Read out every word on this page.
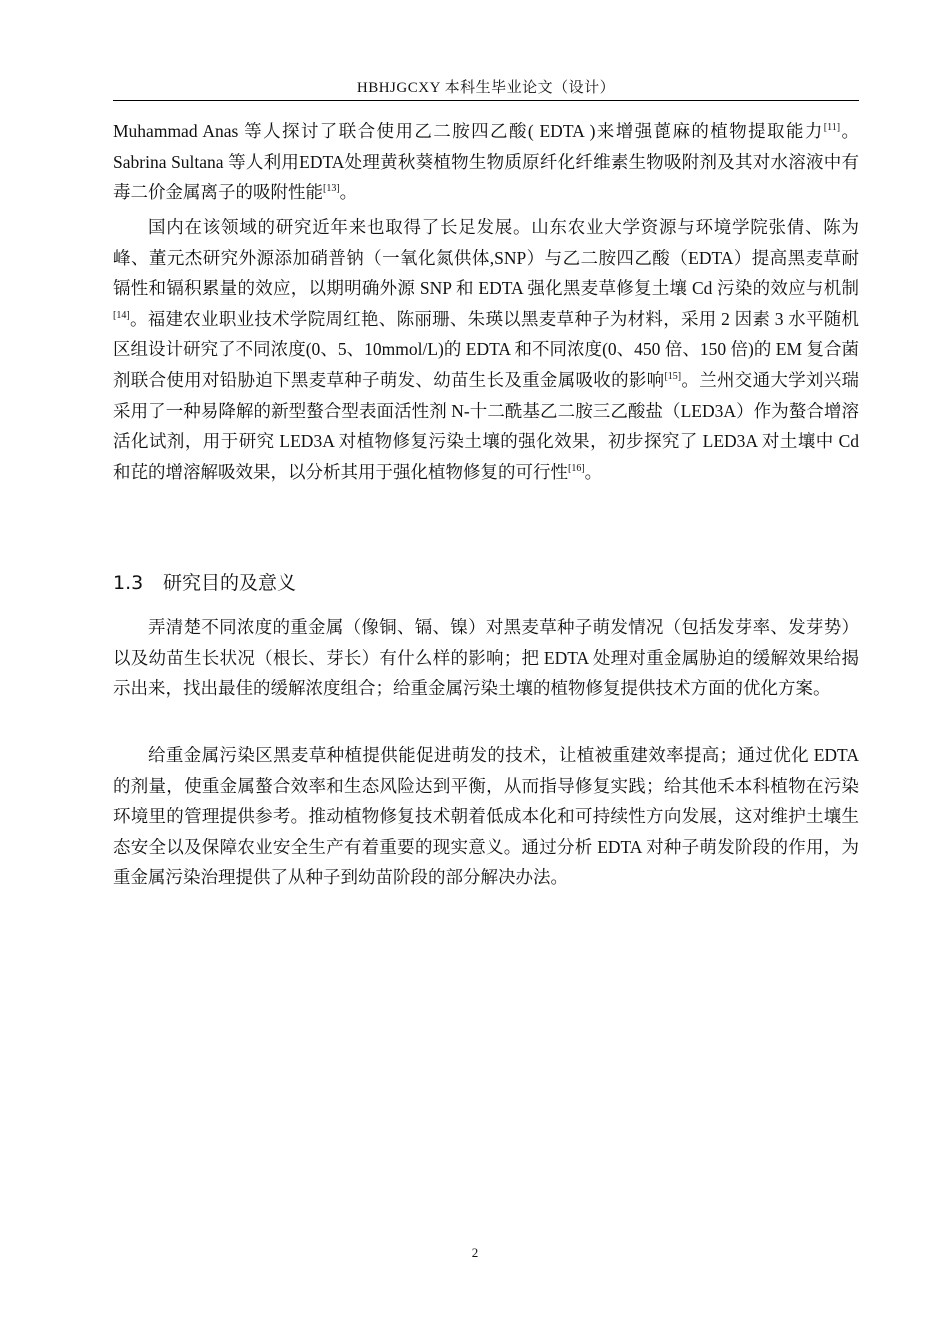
HBHJGCXY 本科生毕业论文（设计）

Muhammad Anas 等人探讨了联合使用乙二胺四乙酸( EDTA )来增强蓖麻的植物提取能力[11]。Sabrina Sultana 等人利用EDTA处理黄秋葵植物生物质原纤化纤维素生物吸附剂及其对水溶液中有毒二价金属离子的吸附性能[13]。

国内在该领域的研究近年来也取得了长足发展。山东农业大学资源与环境学院张倩、陈为峰、董元杰研究外源添加硝普钠（一氧化氮供体,SNP）与乙二胺四乙酸（EDTA）提高黑麦草耐镉性和镉积累量的效应，以期明确外源 SNP 和 EDTA 强化黑麦草修复土壤 Cd 污染的效应与机制[14]。福建农业职业技术学院周红艳、陈丽珊、朱瑛以黑麦草种子为材料，采用 2 因素 3 水平随机区组设计研究了不同浓度(0、5、10mmol/L)的 EDTA 和不同浓度(0、450 倍、150 倍)的 EM 复合菌剂联合使用对铅胁迫下黑麦草种子萌发、幼苗生长及重金属吸收的影响[15]。兰州交通大学刘兴瑞采用了一种易降解的新型螯合型表面活性剂 N-十二酰基乙二胺三乙酸盐（LED3A）作为螯合增溶活化试剂，用于研究 LED3A 对植物修复污染土壤的强化效果，初步探究了 LED3A 对土壤中 Cd 和芘的增溶解吸效果，以分析其用于强化植物修复的可行性[16]。

1.3 研究目的及意义

弄清楚不同浓度的重金属（像铜、镉、镍）对黑麦草种子萌发情况（包括发芽率、发芽势）以及幼苗生长状况（根长、芽长）有什么样的影响；把 EDTA 处理对重金属胁迫的缓解效果给揭示出来，找出最佳的缓解浓度组合；给重金属污染土壤的植物修复提供技术方面的优化方案。

给重金属污染区黑麦草种植提供能促进萌发的技术，让植被重建效率提高；通过优化 EDTA 的剂量，使重金属螯合效率和生态风险达到平衡，从而指导修复实践；给其他禾本科植物在污染环境里的管理提供参考。推动植物修复技术朝着低成本化和可持续性方向发展，这对维护土壤生态安全以及保障农业安全生产有着重要的现实意义。通过分析 EDTA 对种子萌发阶段的作用，为重金属污染治理提供了从种子到幼苗阶段的部分解决办法。

2
